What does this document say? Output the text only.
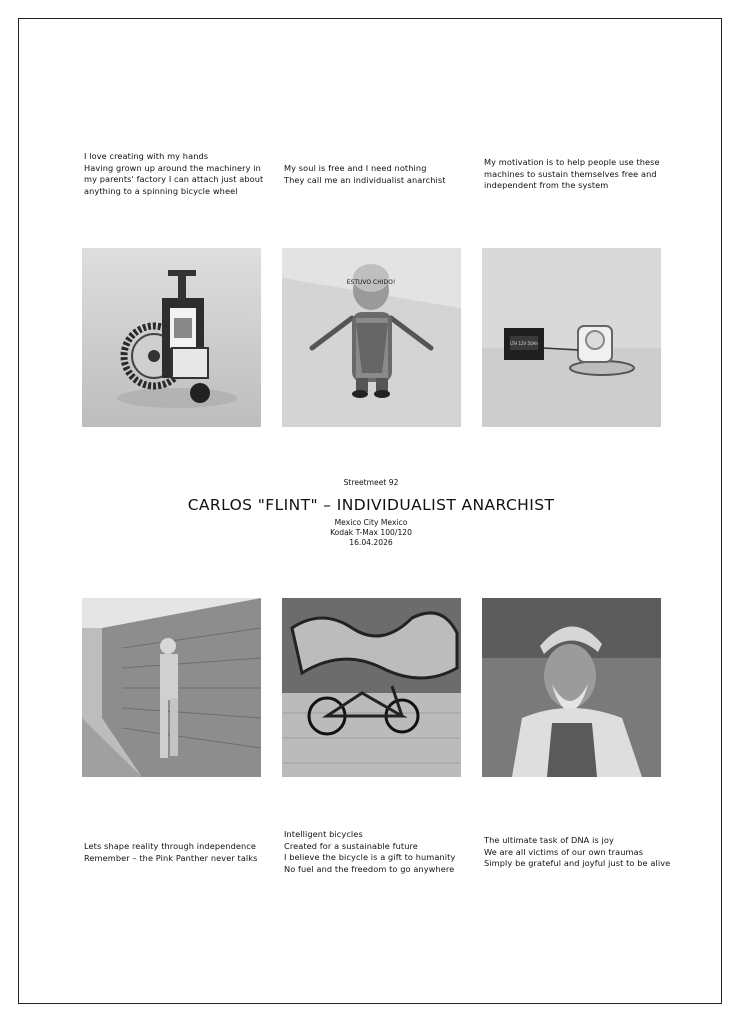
I love creating with my hands
Having grown up around the machinery in
my parents' factory I can attach just about
anything to a spinning bicycle wheel
My soul is free and I need nothing
They call me an individualist anarchist
My motivation is to help people use these
machines to sustain themselves free and
independent from the system
ESTUVO CHIDO!
LTH 12V 50Ah
Streetmeet 92
CARLOS "FLINT" – INDIVIDUALIST ANARCHIST
Mexico City Mexico
Kodak T-Max 100/120
16.04.2026
Lets shape reality through independence
Remember – the Pink Panther never talks
Intelligent bicycles
Created for a sustainable future
I believe the bicycle is a gift to humanity
No fuel and the freedom to go anywhere
The ultimate task of DNA is joy
We are all victims of our own traumas
Simply be grateful and joyful just to be alive
